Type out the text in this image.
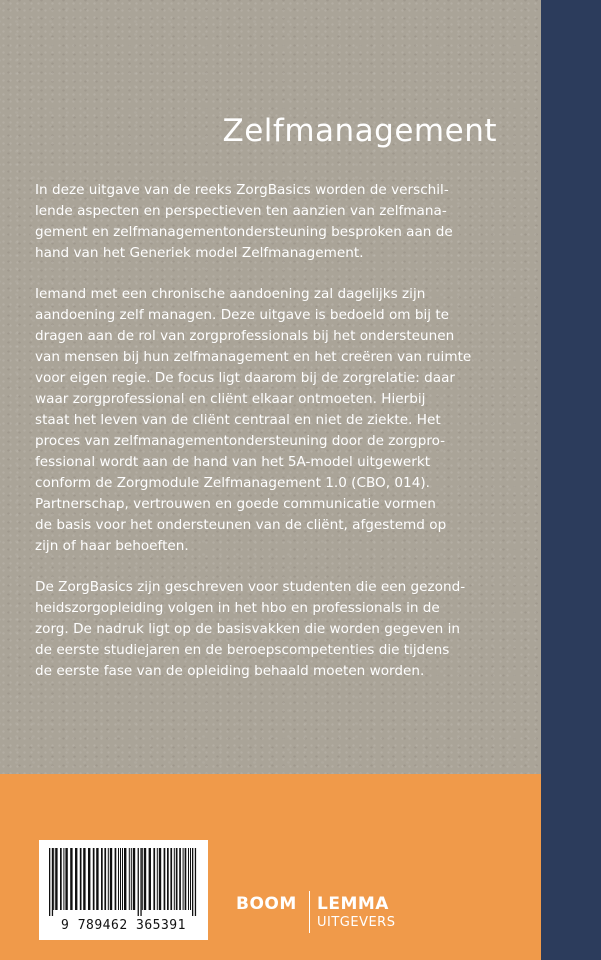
Zelfmanagement

In deze uitgave van de reeks ZorgBasics worden de verschil-
lende aspecten en perspectieven ten aanzien van zelfmana-
gement en zelfmanagementondersteuning besproken aan de
hand van het Generiek model Zelfmanagement.

Iemand met een chronische aandoening zal dagelijks zijn
aandoening zelf managen. Deze uitgave is bedoeld om bij te
dragen aan de rol van zorgprofessionals bij het ondersteunen
van mensen bij hun zelfmanagement en het creëren van ruimte
voor eigen regie. De focus ligt daarom bij de zorgrelatie: daar
waar zorgprofessional en cliënt elkaar ontmoeten. Hierbij
staat het leven van de cliënt centraal en niet de ziekte. Het
proces van zelfmanagementondersteuning door de zorgpro-
fessional wordt aan de hand van het 5A-model uitgewerkt
conform de Zorgmodule Zelfmanagement 1.0 (CBO, 014).
Partnerschap, vertrouwen en goede communicatie vormen
de basis voor het ondersteunen van de cliënt, afgestemd op
zijn of haar behoeften.

De ZorgBasics zijn geschreven voor studenten die een gezond-
heidszorgopleiding volgen in het hbo en professionals in de
zorg. De nadruk ligt op de basisvakken die worden gegeven in
de eerste studiejaren en de beroepscompetenties die tijdens
de eerste fase van de opleiding behaald moeten worden.

9 789462 365391
BOOM LEMMA
UITGEVERS
